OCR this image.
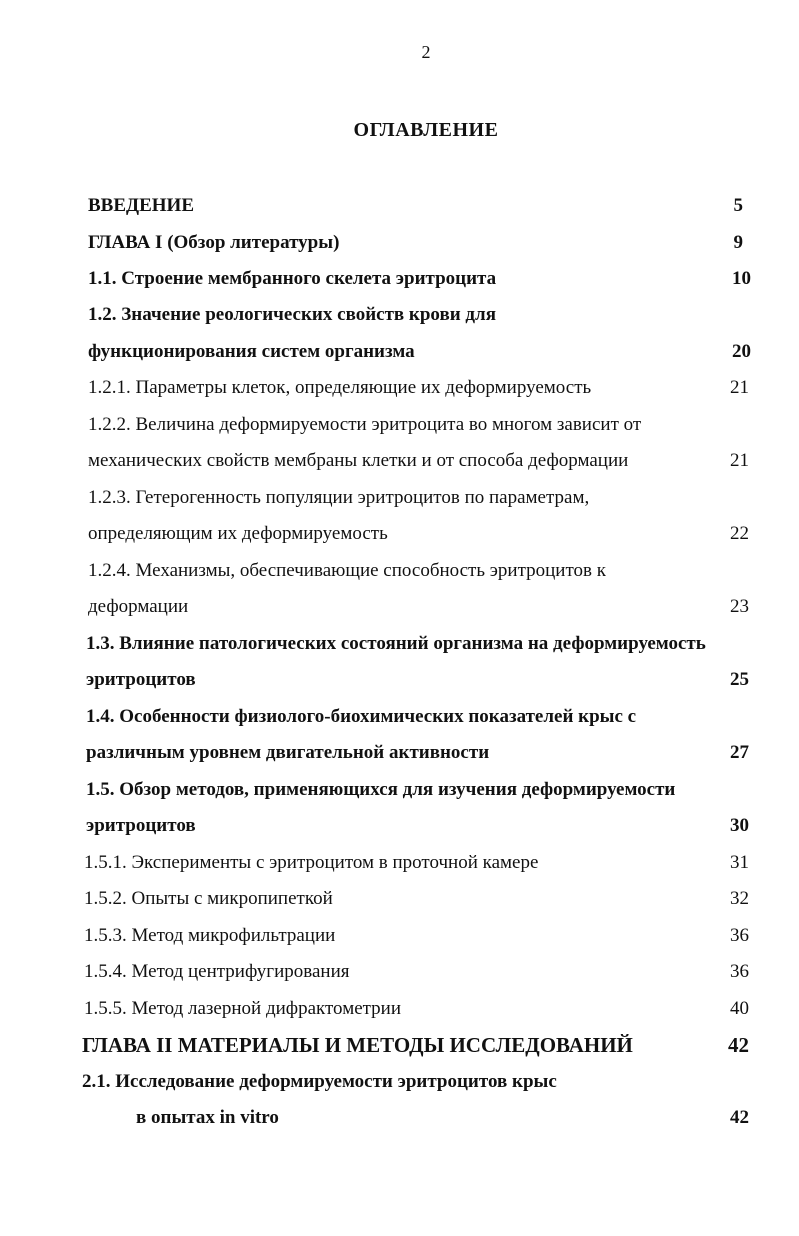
2
ОГЛАВЛЕНИЕ
ВВЕДЕНИЕ	5
ГЛАВА I (Обзор литературы)	9
1.1. Строение мембранного скелета эритроцита	10
1.2. Значение реологических свойств крови для
функционирования систем организма	20
1.2.1. Параметры клеток, определяющие их деформируемость	21
1.2.2. Величина деформируемости эритроцита во многом зависит от
механических свойств мембраны клетки и от способа деформации	21
1.2.3. Гетерогенность популяции эритроцитов по параметрам,
определяющим их деформируемость	22
1.2.4. Механизмы, обеспечивающие способность эритроцитов к
деформации	23
1.3. Влияние патологических состояний организма на деформируемость
эритроцитов	25
1.4. Особенности физиолого-биохимических показателей крыс с
различным уровнем двигательной активности	27
1.5. Обзор методов, применяющихся для изучения деформируемости
эритроцитов	30
1.5.1. Эксперименты с эритроцитом в проточной камере	31
1.5.2. Опыты с микропипеткой	32
1.5.3. Метод микрофильтрации	36
1.5.4. Метод центрифугирования	36
1.5.5. Метод лазерной дифрактометрии	40
ГЛАВА II МАТЕРИАЛЫ И МЕТОДЫ ИССЛЕДОВАНИЙ	42
2.1. Исследование деформируемости эритроцитов крыс
в опытах in vitro	42
